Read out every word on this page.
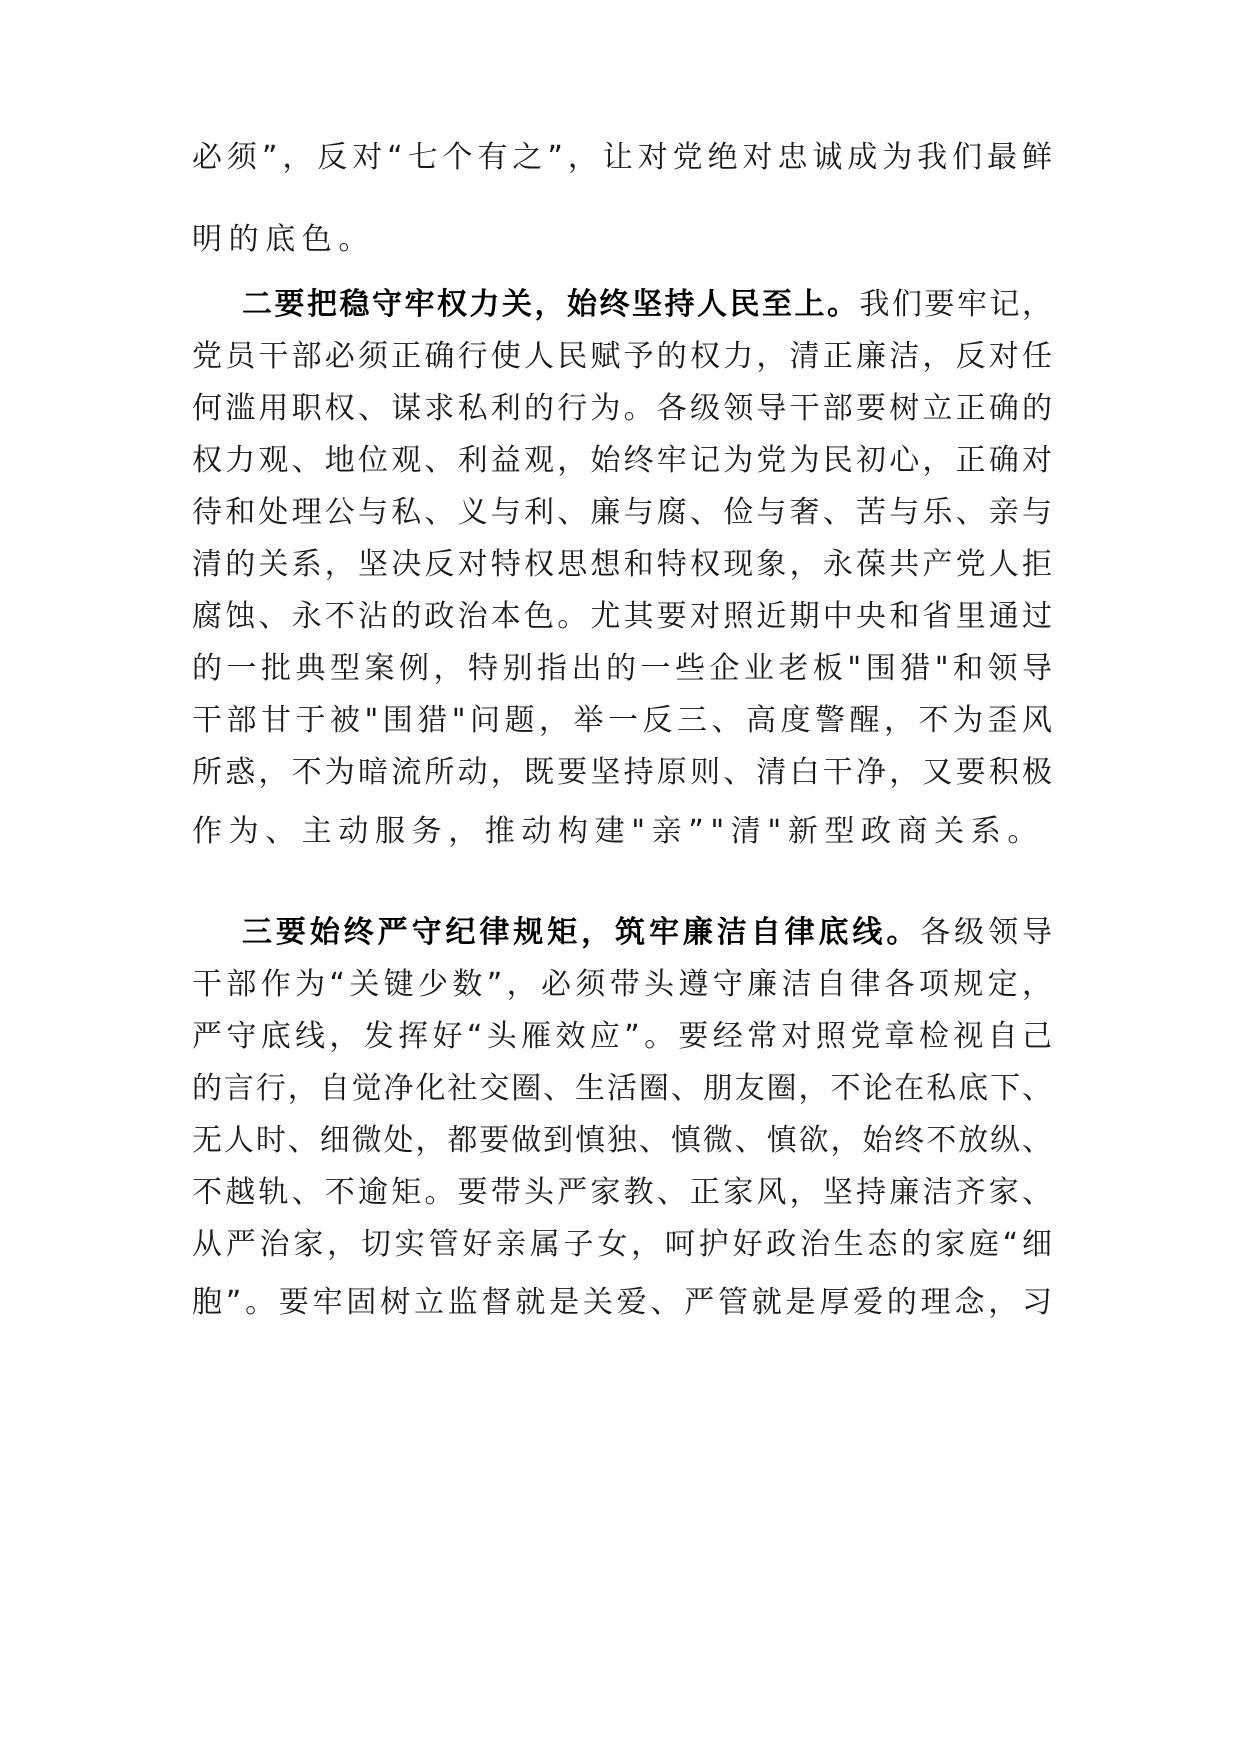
必须”，反对“七个有之”，让对党绝对忠诚成为我们最鲜
明的底色。
二要把稳守牢权力关，始终坚持人民至上。我们要牢记，
党员干部必须正确行使人民赋予的权力，清正廉洁，反对任
何滥用职权、谋求私利的行为。各级领导干部要树立正确的
权力观、地位观、利益观，始终牢记为党为民初心，正确对
待和处理公与私、义与利、廉与腐、俭与奢、苦与乐、亲与
清的关系，坚决反对特权思想和特权现象，永葆共产党人拒
腐蚀、永不沾的政治本色。尤其要对照近期中央和省里通过
的一批典型案例，特别指出的一些企业老板"围猎"和领导
干部甘于被"围猎"问题，举一反三、高度警醒，不为歪风
所惑，不为暗流所动，既要坚持原则、清白干净，又要积极
作为、主动服务，推动构建"亲”"清"新型政商关系。
三要始终严守纪律规矩，筑牢廉洁自律底线。各级领导
干部作为“关键少数”，必须带头遵守廉洁自律各项规定，
严守底线，发挥好“头雁效应”。要经常对照党章检视自己
的言行，自觉净化社交圈、生活圈、朋友圈，不论在私底下、
无人时、细微处，都要做到慎独、慎微、慎欲，始终不放纵、
不越轨、不逾矩。要带头严家教、正家风，坚持廉洁齐家、
从严治家，切实管好亲属子女，呵护好政治生态的家庭“细
胞”。要牢固树立监督就是关爱、严管就是厚爱的理念，习
